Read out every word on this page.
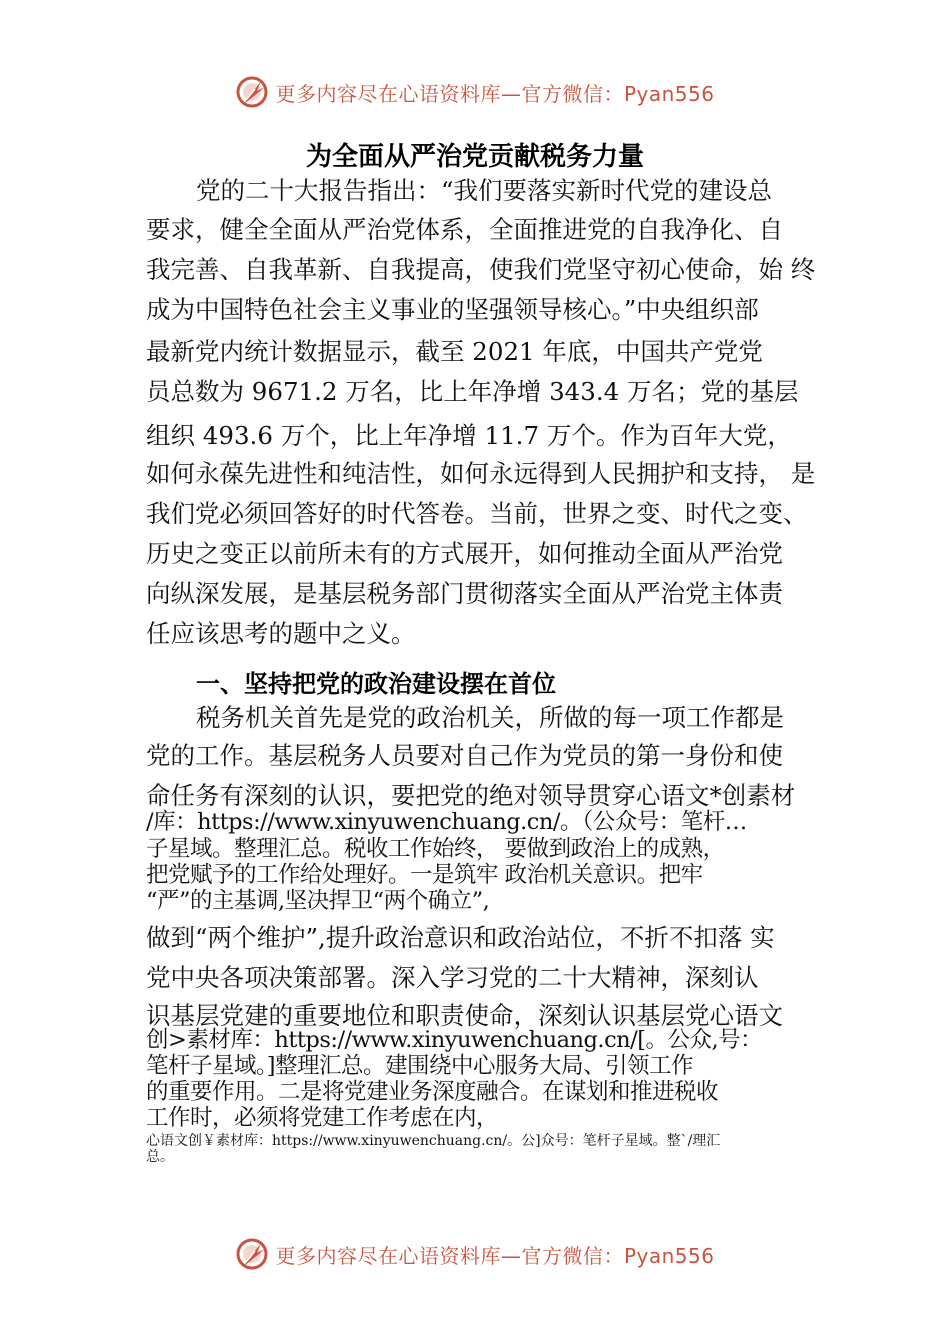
更多内容尽在心语资料库—官方微信：Pyan556
为全面从严治党贡献税务力量
党的二十大报告指出：“我们要落实新时代党的建设总
要求，健全全面从严治党体系，全面推进党的自我净化、自
我完善、自我革新、自我提高，使我们党坚守初心使命，始 终
成为中国特色社会主义事业的坚强领导核心。”中央组织部
最新党内统计数据显示，截至 2021 年底，中国共产党党
员总数为 9671.2 万名，比上年净增 343.4 万名；党的基层
组织 493.6 万个，比上年净增 11.7 万个。作为百年大党，
如何永葆先进性和纯洁性，如何永远得到人民拥护和支持， 是
我们党必须回答好的时代答卷。当前，世界之变、时代之变、
历史之变正以前所未有的方式展开，如何推动全面从严治党
向纵深发展，是基层税务部门贯彻落实全面从严治党主体责
任应该思考的题中之义。
一、坚持把党的政治建设摆在首位
税务机关首先是党的政治机关，所做的每一项工作都是
党的工作。基层税务人员要对自己作为党员的第一身份和使
命任务有深刻的认识，要把党的绝对领导贯穿心语文*创素材
/库：https://www.xinyuwenchuang.cn/。（公众号：笔杆…
子星域。整理汇总。税收工作始终， 要做到政治上的成熟，
把党赋予的工作给处理好。一是筑牢 政治机关意识。把牢
“严”的主基调,坚决捍卫“两个确立”,
做到“两个维护”,提升政治意识和政治站位，不折不扣落 实
党中央各项决策部署。深入学习党的二十大精神，深刻认
识基层党建的重要地位和职责使命，深刻认识基层党心语文
创>素材库：https://www.xinyuwenchuang.cn/[。公众,号：
笔杆子星域。]整理汇总。建围绕中心服务大局、引领工作
的重要作用。二是将党建业务深度融合。在谋划和推进税收
工作时，必须将党建工作考虑在内，
心语文创￥素材库：https://www.xinyuwenchuang.cn/。公]众号：笔杆子星域。整`/理汇
总。
更多内容尽在心语资料库—官方微信：Pyan556
